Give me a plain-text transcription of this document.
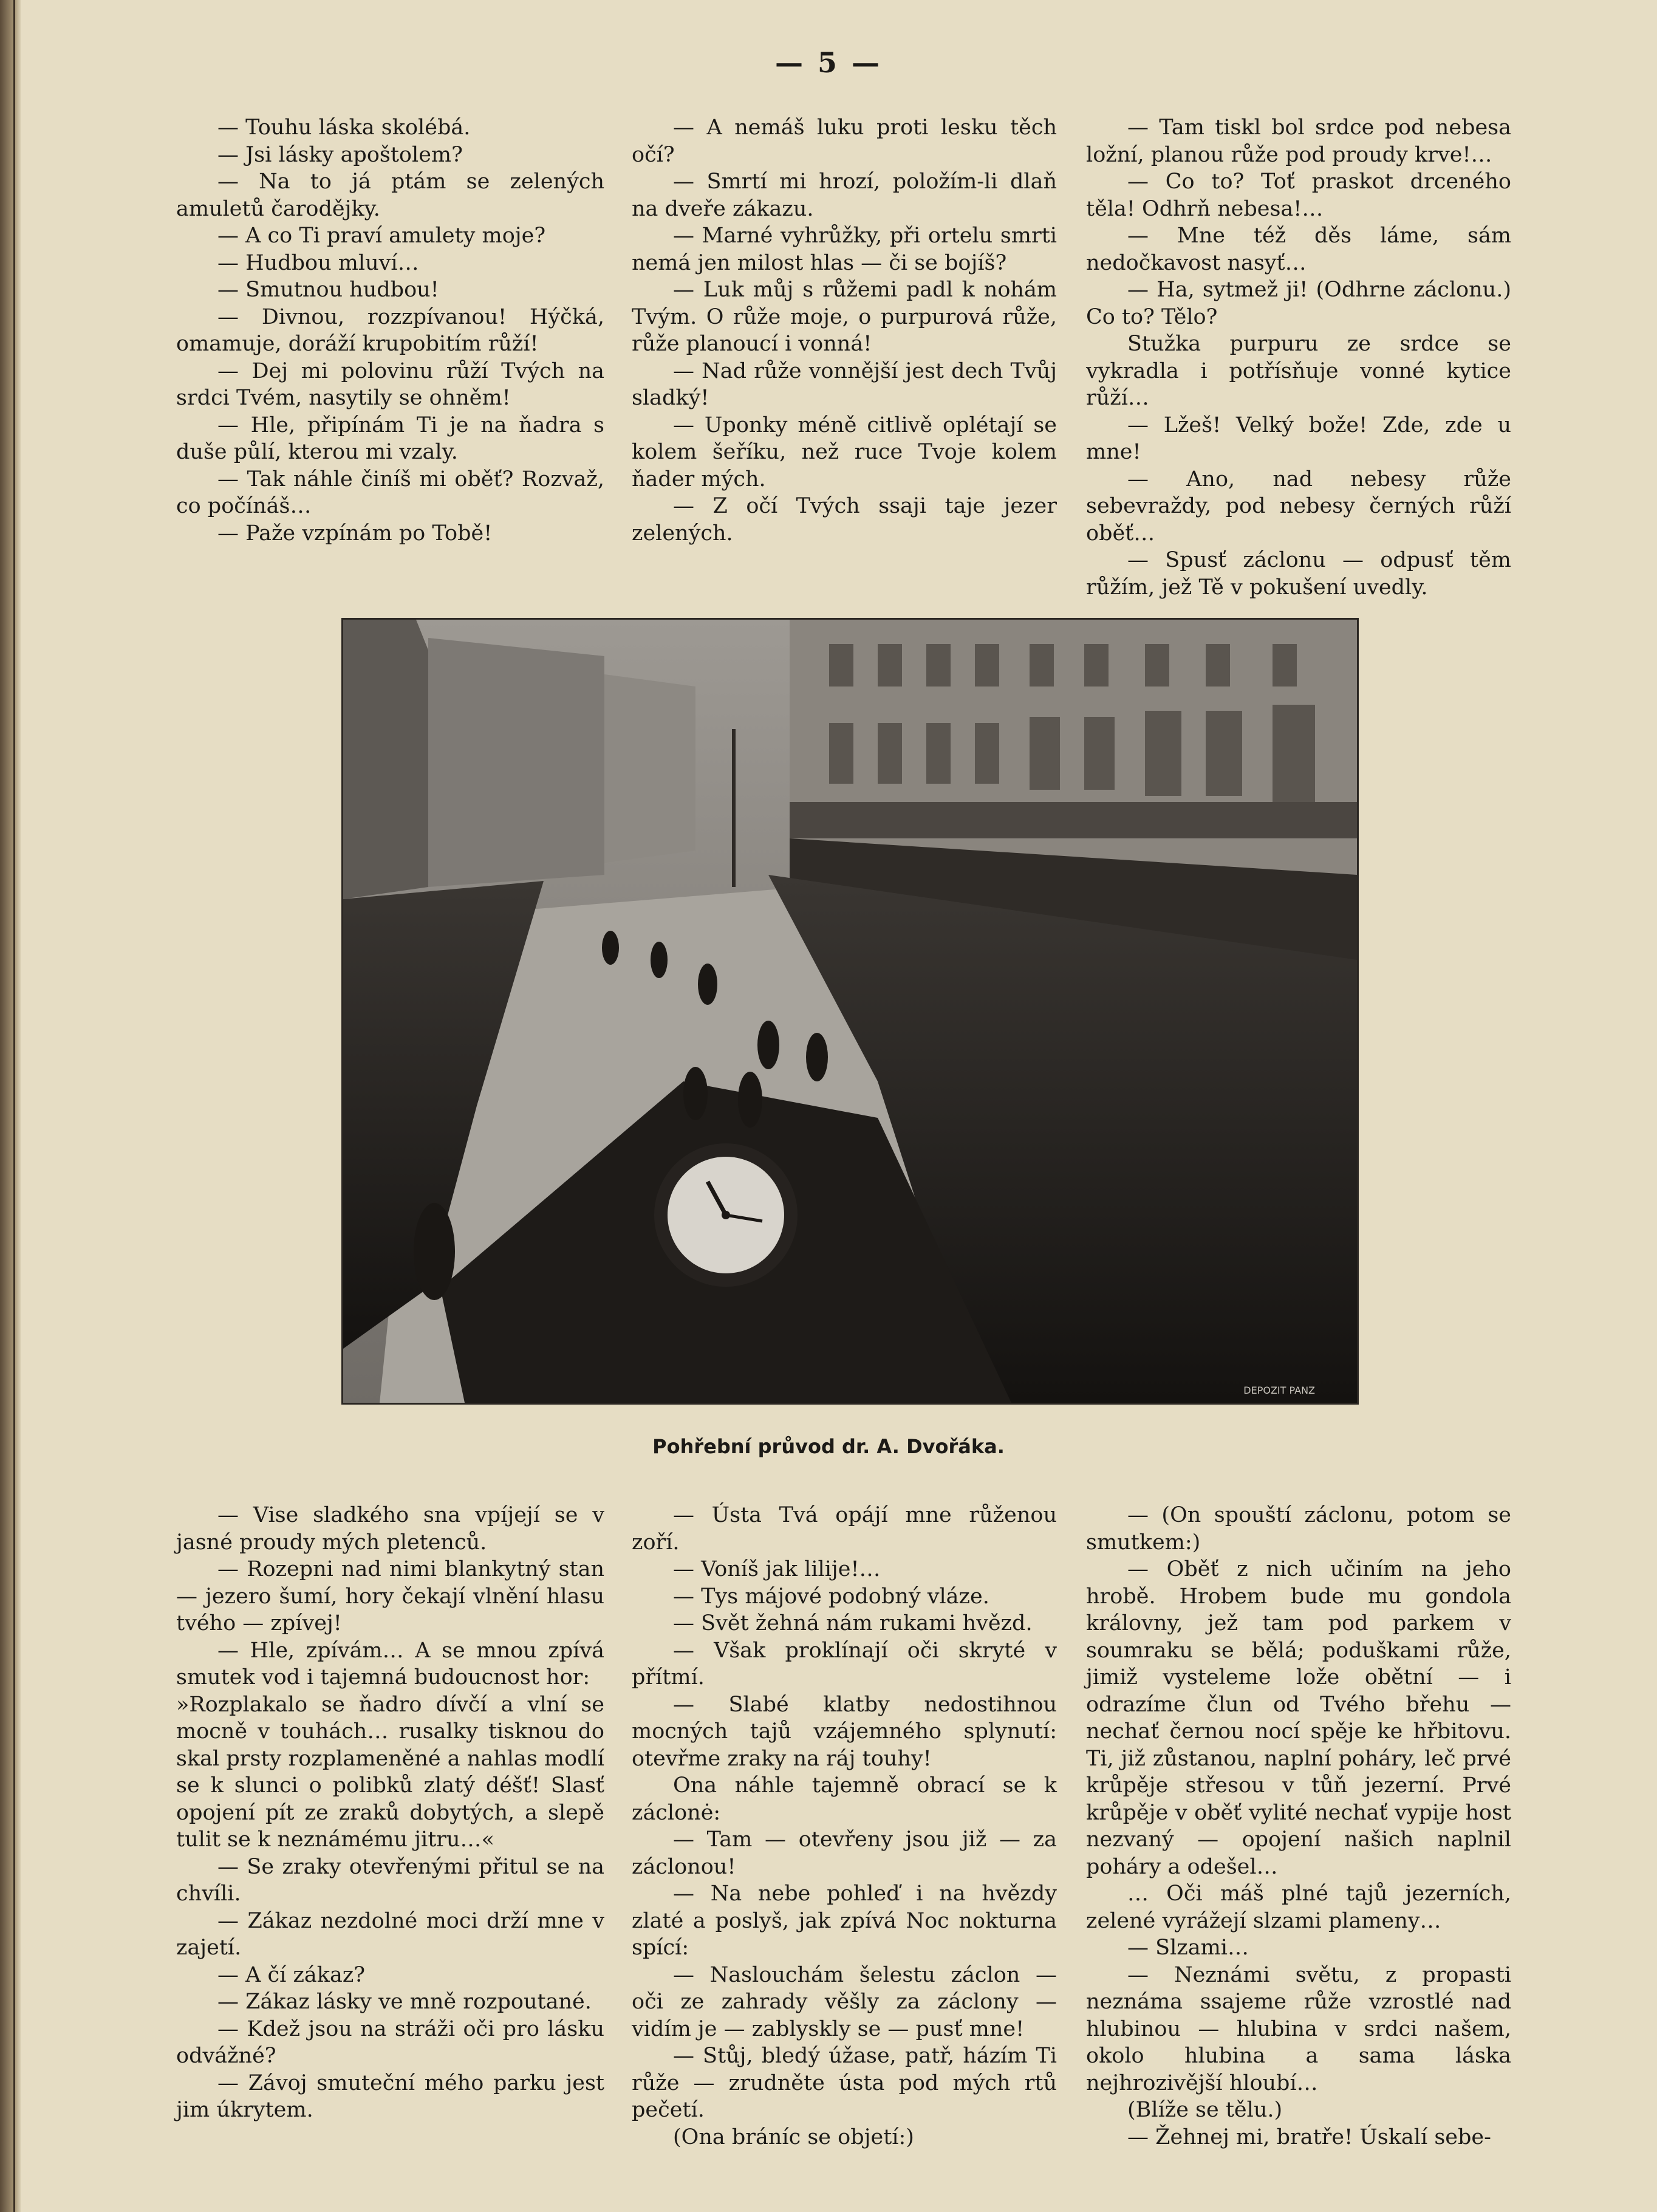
— 5 —

— Touhu láska skolébá.

— Jsi lásky apoštolem?

— Na to já ptám se zelených amuletů čarodějky.

— A co Ti praví amulety moje?

— Hudbou mluví…

— Smutnou hudbou!

— Divnou, rozzpívanou! Hýčká, omamuje, doráží krupobitím růží!

— Dej mi polovinu růží Tvých na srdci Tvém, nasytily se ohněm!

— Hle, připínám Ti je na ňadra s duše půlí, kterou mi vzaly.

— Tak náhle činíš mi oběť? Rozvaž, co počínáš…

— Paže vzpínám po Tobě!

— A nemáš luku proti lesku těch očí?

— Smrtí mi hrozí, položím-li dlaň na dveře zákazu.

— Marné vyhrůžky, při ortelu smrti nemá jen milost hlas — či se bojíš?

— Luk můj s růžemi padl k nohám Tvým. O růže moje, o purpurová růže, růže planoucí i vonná!

— Nad růže vonnější jest dech Tvůj sladký!

— Uponky méně citlivě oplétají se kolem šeříku, než ruce Tvoje kolem ňader mých.

— Z očí Tvých ssaji taje jezer zelených.

— Tam tiskl bol srdce pod nebesa ložní, planou růže pod proudy krve!…

— Co to? Toť praskot drceného těla! Odhrň nebesa!…

— Mne též děs láme, sám nedočkavost nasyť…

— Ha, sytmež ji! (Odhrne záclonu.) Co to? Tělo?

Stužka purpuru ze srdce se vykradla i potřísňuje vonné kytice růží…

— Lžeš! Velký bože! Zde, zde u mne!

— Ano, nad nebesy růže sebevraždy, pod nebesy černých růží oběť…

— Spusť záclonu — odpusť těm růžím, jež Tě v pokušení uvedly.

DEPOZIT PANZ
Pohřební průvod dr. A. Dvořáka.

— Vise sladkého sna vpíjejí se v jasné proudy mých pletenců.

— Rozepni nad nimi blankytný stan — jezero šumí, hory čekají vlnění hlasu tvého — zpívej!

— Hle, zpívám… A se mnou zpívá smutek vod i tajemná budoucnost hor:

»Rozplakalo se ňadro dívčí a vlní se mocně v touhách… rusalky tisknou do skal prsty rozplameněné a nahlas modlí se k slunci o polibků zlatý déšť! Slasť opojení pít ze zraků dobytých, a slepě tulit se k neznámému jitru…«

— Se zraky otevřenými přitul se na chvíli.

— Zákaz nezdolné moci drží mne v zajetí.

— A čí zákaz?

— Zákaz lásky ve mně rozpoutané.

— Kdež jsou na stráži oči pro lásku odvážné?

— Závoj smuteční mého parku jest jim úkrytem.

— Ústa Tvá opájí mne růženou zoří.

— Voníš jak lilije!…

— Tys májové podobný vláze.

— Svět žehná nám rukami hvězd.

— Však proklínají oči skryté v přítmí.

— Slabé klatby nedostihnou mocných tajů vzájemného splynutí: otevřme zraky na ráj touhy!

Ona náhle tajemně obrací se k záclonė:

— Tam — otevřeny jsou již — za záclonou!

— Na nebe pohleď i na hvězdy zlaté a poslyš, jak zpívá Noc nokturna spící:

— Naslouchám šelestu záclon — oči ze zahrady věšly za záclony — vidím je — zablyskly se — pusť mne!

— Stůj, bledý úžase, patř, házím Ti růže — zrudněte ústa pod mých rtů pečetí.

(Ona bráníc se objetí:)

— (On spouští záclonu, potom se smutkem:)

— Oběť z nich učiním na jeho hrobě. Hrobem bude mu gondola královny, jež tam pod parkem v soumraku se bělá; poduškami růže, jimiž vysteleme lože obětní — i odrazíme člun od Tvého břehu — nechať černou nocí spěje ke hřbitovu. Ti, již zůstanou, naplní poháry, leč prvé krůpěje střesou v tůň jezerní. Prvé krůpěje v oběť vylité nechať vypije host nezvaný — opojení našich naplnil poháry a odešel…

… Oči máš plné tajů jezerních, zelené vyrážejí slzami plameny…

— Slzami…

— Neznámi světu, z propasti neznáma ssajeme růže vzrostlé nad hlubinou — hlubina v srdci našem, okolo hlubina a sama láska nejhrozivější hloubí…

(Blíže se tělu.)

— Žehnej mi, bratře! Úskalí sebe-
